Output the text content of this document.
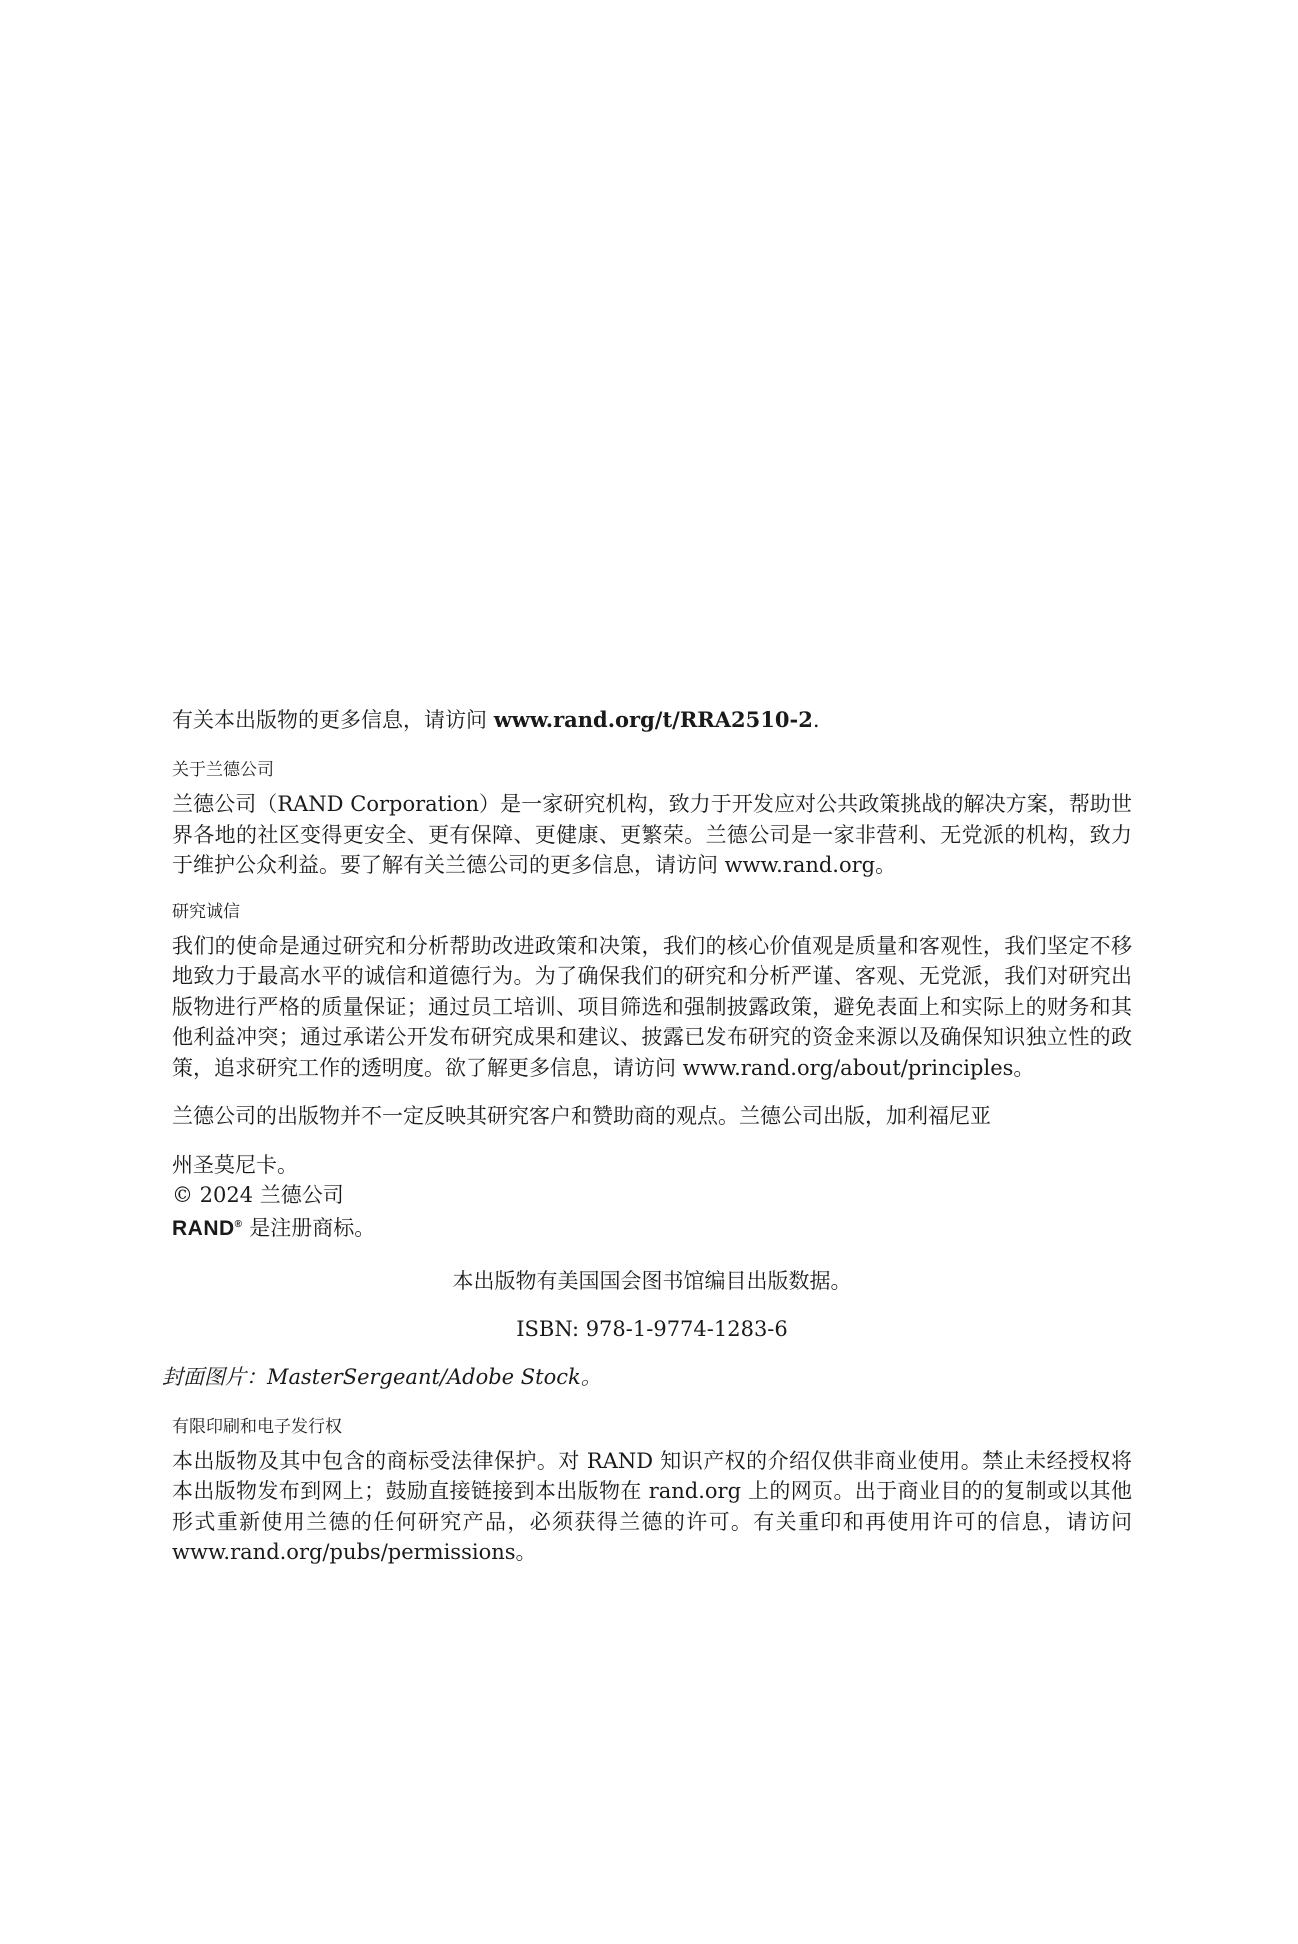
有关本出版物的更多信息，请访问 www.rand.org/t/RRA2510-2.

关于兰德公司

兰德公司（RAND Corporation）是一家研究机构，致力于开发应对公共政策挑战的解决方案，帮助世界各地的社区变得更安全、更有保障、更健康、更繁荣。兰德公司是一家非营利、无党派的机构，致力于维护公众利益。要了解有关兰德公司的更多信息，请访问 www.rand.org。

研究诚信

我们的使命是通过研究和分析帮助改进政策和决策，我们的核心价值观是质量和客观性，我们坚定不移地致力于最高水平的诚信和道德行为。为了确保我们的研究和分析严谨、客观、无党派，我们对研究出版物进行严格的质量保证；通过员工培训、项目筛选和强制披露政策，避免表面上和实际上的财务和其他利益冲突；通过承诺公开发布研究成果和建议、披露已发布研究的资金来源以及确保知识独立性的政策，追求研究工作的透明度。欲了解更多信息，请访问 www.rand.org/about/principles。

兰德公司的出版物并不一定反映其研究客户和赞助商的观点。兰德公司出版，加利福尼亚

州圣莫尼卡。

© 2024 兰德公司

RAND® 是注册商标。

本出版物有美国国会图书馆编目出版数据。

ISBN: 978-1-9774-1283-6

封面图片：MasterSergeant/Adobe Stock。

有限印刷和电子发行权

本出版物及其中包含的商标受法律保护。对 RAND 知识产权的介绍仅供非商业使用。禁止未经授权将本出版物发布到网上；鼓励直接链接到本出版物在 rand.org 上的网页。出于商业目的的复制或以其他形式重新使用兰德的任何研究产品，必须获得兰德的许可。有关重印和再使用许可的信息，请访问 www.rand.org/pubs/permissions。
